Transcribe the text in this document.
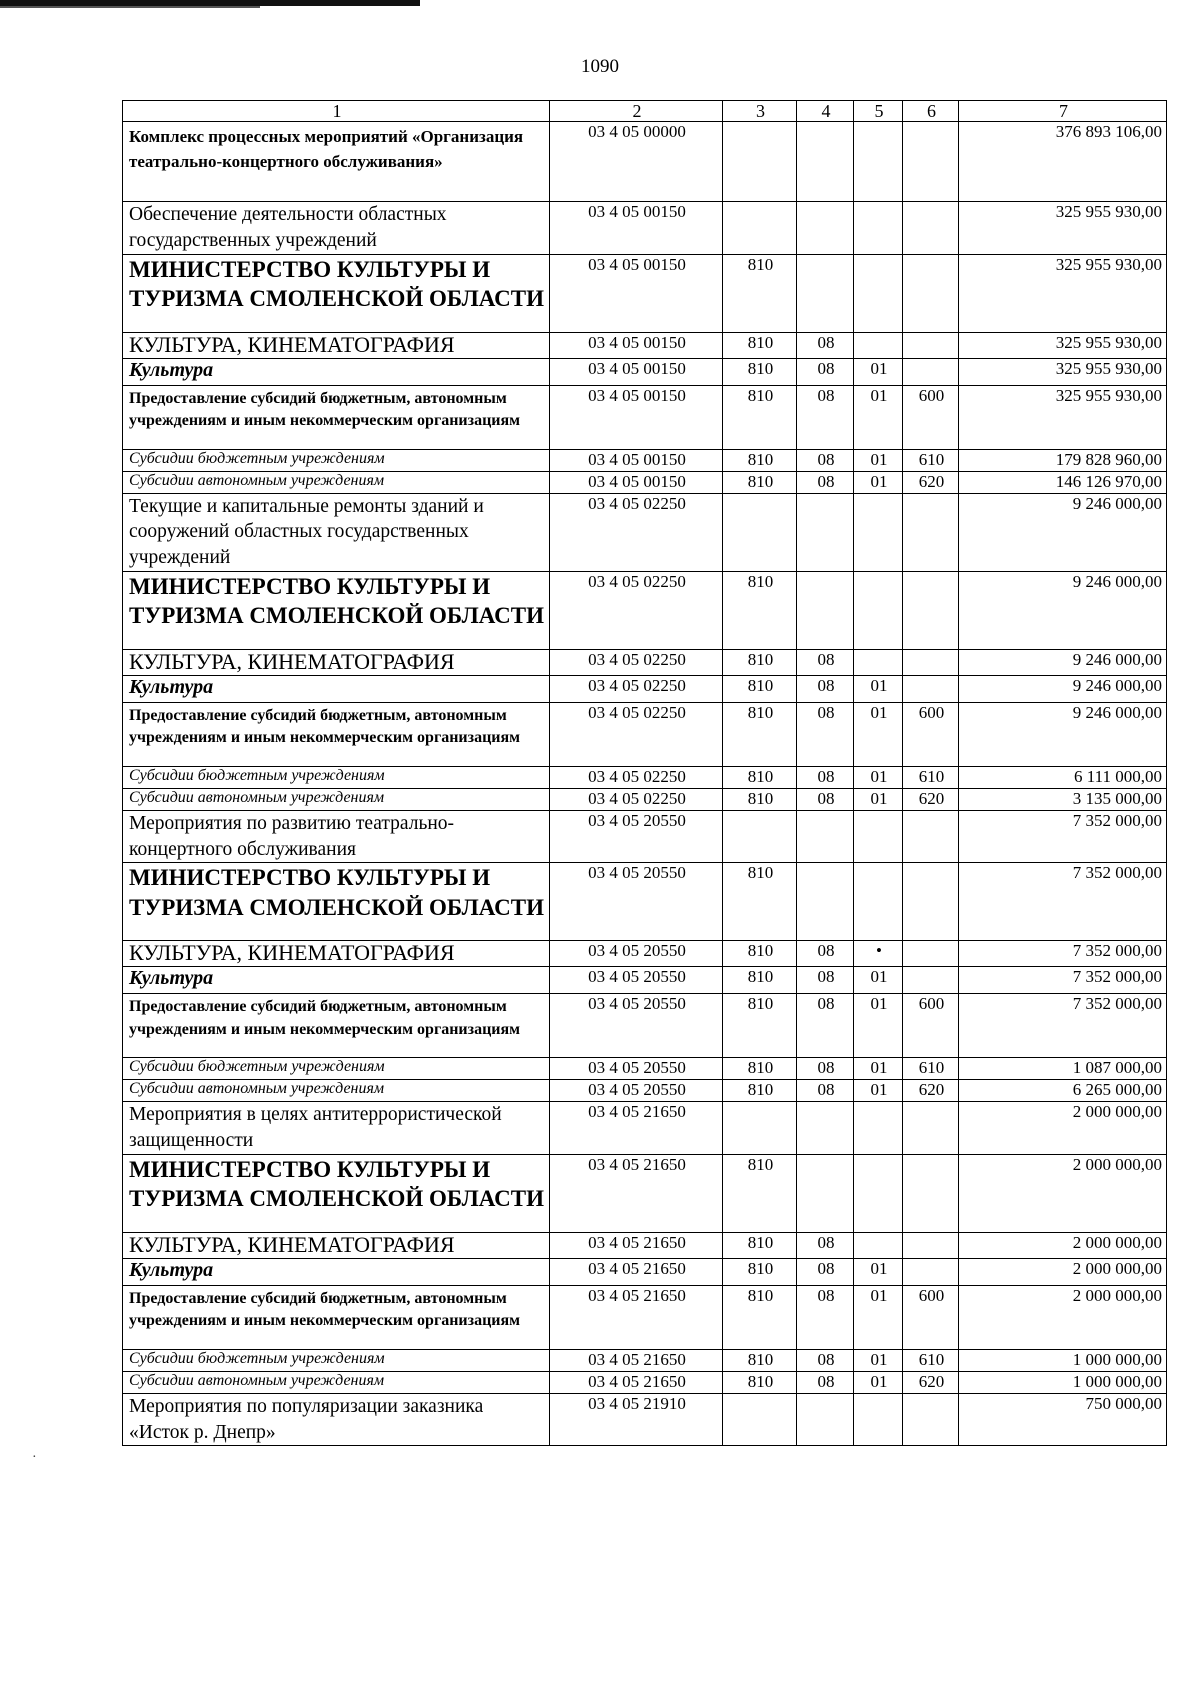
1090
1	2	3	4	5	6	7
Комплекс процессных мероприятий «Организация театрально-концертного обслуживания»	03 4 05 00000					376 893 106,00
Обеспечение деятельности областных государственных учреждений	03 4 05 00150					325 955 930,00
МИНИСТЕРСТВО КУЛЬТУРЫ И ТУРИЗМА СМОЛЕНСКОЙ ОБЛАСТИ	03 4 05 00150	810				325 955 930,00
КУЛЬТУРА, КИНЕМАТОГРАФИЯ	03 4 05 00150	810	08			325 955 930,00
Культура	03 4 05 00150	810	08	01		325 955 930,00
Предоставление субсидий бюджетным, автономным учреждениям и иным некоммерческим организациям	03 4 05 00150	810	08	01	600	325 955 930,00
Субсидии бюджетным учреждениям	03 4 05 00150	810	08	01	610	179 828 960,00
Субсидии автономным учреждениям	03 4 05 00150	810	08	01	620	146 126 970,00
Текущие и капитальные ремонты зданий и сооружений областных государственных учреждений	03 4 05 02250					9 246 000,00
МИНИСТЕРСТВО КУЛЬТУРЫ И ТУРИЗМА СМОЛЕНСКОЙ ОБЛАСТИ	03 4 05 02250	810				9 246 000,00
КУЛЬТУРА, КИНЕМАТОГРАФИЯ	03 4 05 02250	810	08			9 246 000,00
Культура	03 4 05 02250	810	08	01		9 246 000,00
Предоставление субсидий бюджетным, автономным учреждениям и иным некоммерческим организациям	03 4 05 02250	810	08	01	600	9 246 000,00
Субсидии бюджетным учреждениям	03 4 05 02250	810	08	01	610	6 111 000,00
Субсидии автономным учреждениям	03 4 05 02250	810	08	01	620	3 135 000,00
Мероприятия по развитию театрально-концертного обслуживания	03 4 05 20550					7 352 000,00
МИНИСТЕРСТВО КУЛЬТУРЫ И ТУРИЗМА СМОЛЕНСКОЙ ОБЛАСТИ	03 4 05 20550	810				7 352 000,00
КУЛЬТУРА, КИНЕМАТОГРАФИЯ	03 4 05 20550	810	08	•		7 352 000,00
Культура	03 4 05 20550	810	08	01		7 352 000,00
Предоставление субсидий бюджетным, автономным учреждениям и иным некоммерческим организациям	03 4 05 20550	810	08	01	600	7 352 000,00
Субсидии бюджетным учреждениям	03 4 05 20550	810	08	01	610	1 087 000,00
Субсидии автономным учреждениям	03 4 05 20550	810	08	01	620	6 265 000,00
Мероприятия в целях антитеррористической защищенности	03 4 05 21650					2 000 000,00
МИНИСТЕРСТВО КУЛЬТУРЫ И ТУРИЗМА СМОЛЕНСКОЙ ОБЛАСТИ	03 4 05 21650	810				2 000 000,00
КУЛЬТУРА, КИНЕМАТОГРАФИЯ	03 4 05 21650	810	08			2 000 000,00
Культура	03 4 05 21650	810	08	01		2 000 000,00
Предоставление субсидий бюджетным, автономным учреждениям и иным некоммерческим организациям	03 4 05 21650	810	08	01	600	2 000 000,00
Субсидии бюджетным учреждениям	03 4 05 21650	810	08	01	610	1 000 000,00
Субсидии автономным учреждениям	03 4 05 21650	810	08	01	620	1 000 000,00
Мероприятия по популяризации заказника «Исток р. Днепр»	03 4 05 21910					750 000,00
·
